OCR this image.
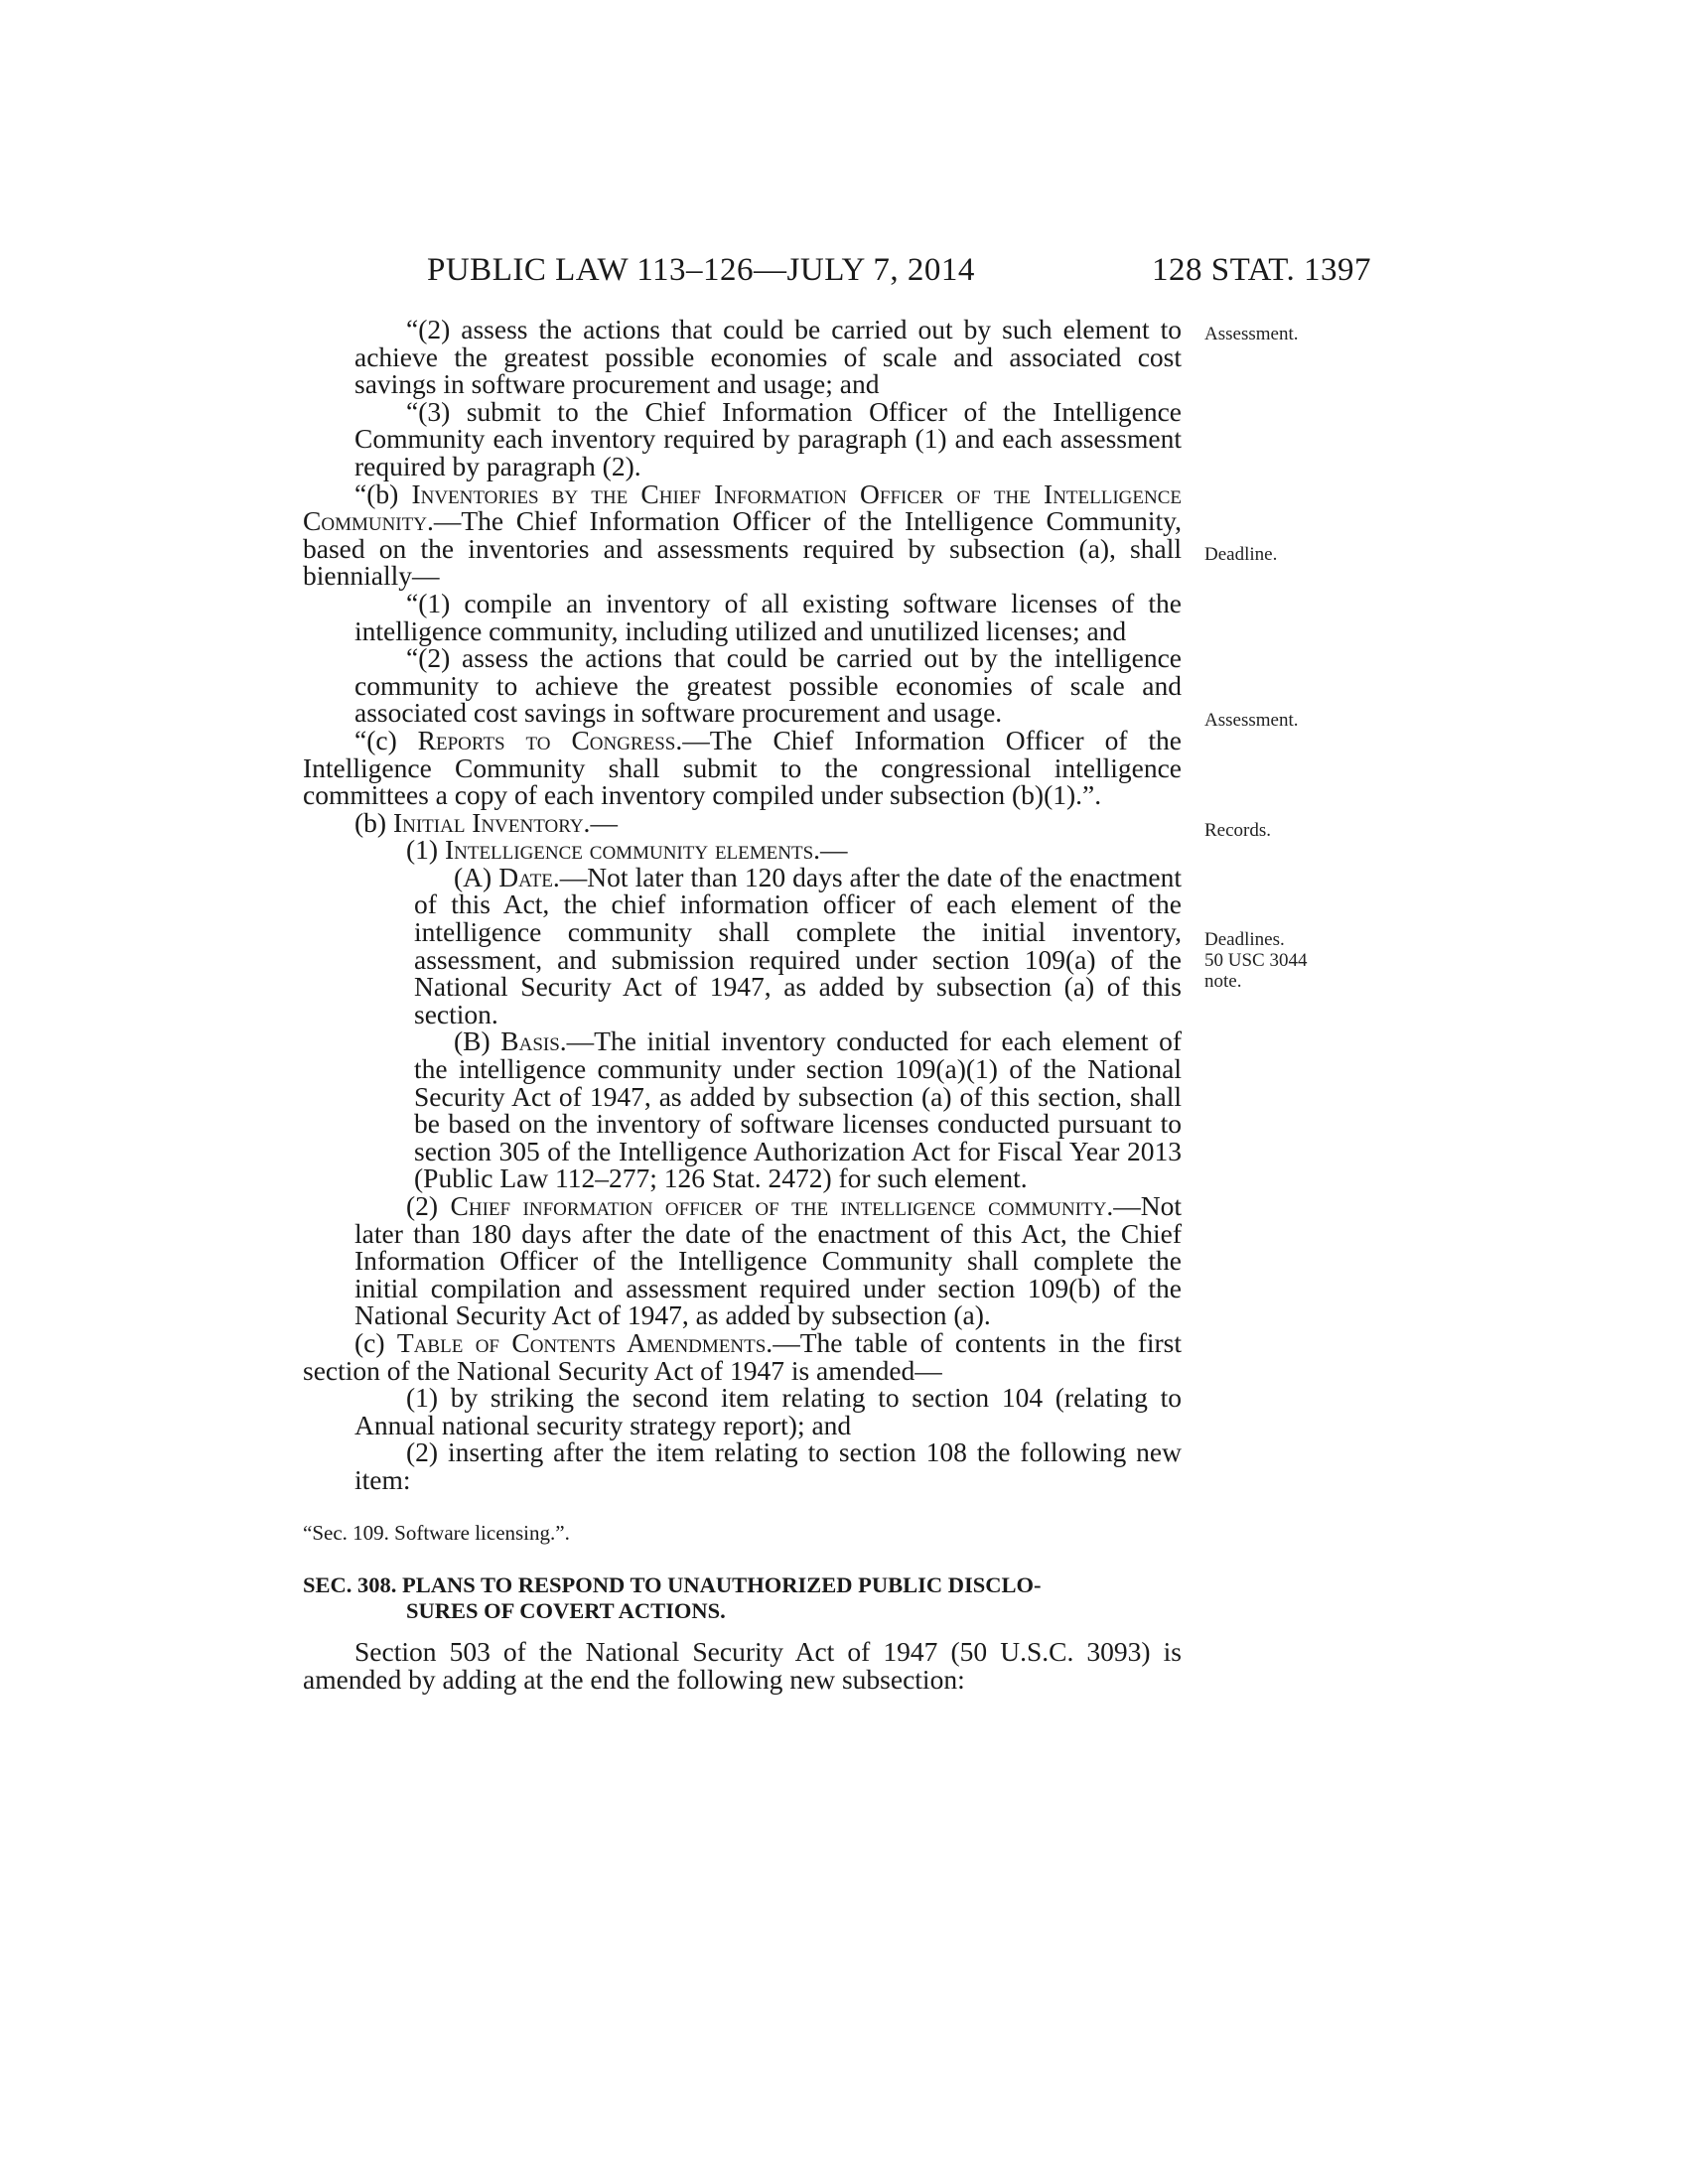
PUBLIC LAW 113–126—JULY 7, 2014	128 STAT. 1397

“(2) assess the actions that could be carried out by such element to achieve the greatest possible economies of scale and associated cost savings in software procurement and usage; and

“(3) submit to the Chief Information Officer of the Intelligence Community each inventory required by paragraph (1) and each assessment required by paragraph (2).

“(b) Inventories by the Chief Information Officer of the Intelligence Community.—The Chief Information Officer of the Intelligence Community, based on the inventories and assessments required by subsection (a), shall biennially—

“(1) compile an inventory of all existing software licenses of the intelligence community, including utilized and unutilized licenses; and

“(2) assess the actions that could be carried out by the intelligence community to achieve the greatest possible economies of scale and associated cost savings in software procurement and usage.

“(c) Reports to Congress.—The Chief Information Officer of the Intelligence Community shall submit to the congressional intelligence committees a copy of each inventory compiled under subsection (b)(1).”.

(b) Initial Inventory.—

(1) Intelligence community elements.—

(A) Date.—Not later than 120 days after the date of the enactment of this Act, the chief information officer of each element of the intelligence community shall complete the initial inventory, assessment, and submission required under section 109(a) of the National Security Act of 1947, as added by subsection (a) of this section.

(B) Basis.—The initial inventory conducted for each element of the intelligence community under section 109(a)(1) of the National Security Act of 1947, as added by subsection (a) of this section, shall be based on the inventory of software licenses conducted pursuant to section 305 of the Intelligence Authorization Act for Fiscal Year 2013 (Public Law 112–277; 126 Stat. 2472) for such element.

(2) Chief information officer of the intelligence community.—Not later than 180 days after the date of the enactment of this Act, the Chief Information Officer of the Intelligence Community shall complete the initial compilation and assessment required under section 109(b) of the National Security Act of 1947, as added by subsection (a).

(c) Table of Contents Amendments.—The table of contents in the first section of the National Security Act of 1947 is amended—

(1) by striking the second item relating to section 104 (relating to Annual national security strategy report); and

(2) inserting after the item relating to section 108 the following new item:

“Sec. 109. Software licensing.”.

SEC. 308. PLANS TO RESPOND TO UNAUTHORIZED PUBLIC DISCLO-
SURES OF COVERT ACTIONS.

Section 503 of the National Security Act of 1947 (50 U.S.C. 3093) is amended by adding at the end the following new subsection:

Assessment.
Deadline.
Assessment.
Records.
Deadlines.
50 USC 3044
note.
